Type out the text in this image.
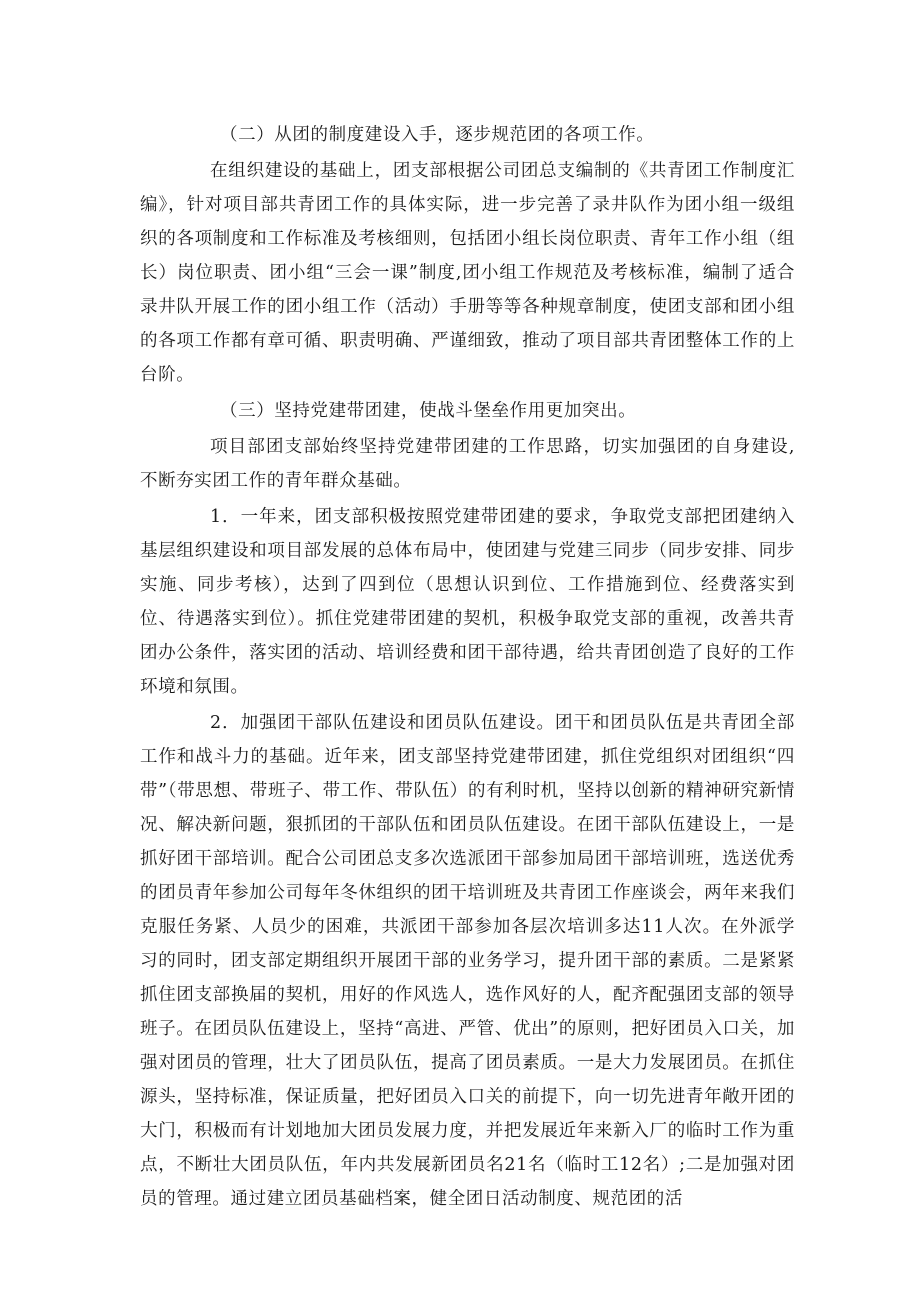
（二）从团的制度建设入手，逐步规范团的各项工作。

在组织建设的基础上，团支部根据公司团总支编制的《共青团工作制度汇编》，针对项目部共青团工作的具体实际，进一步完善了录井队作为团小组一级组织的各项制度和工作标准及考核细则，包括团小组长岗位职责、青年工作小组（组长）岗位职责、团小组“三会一课”制度,团小组工作规范及考核标准，编制了适合录井队开展工作的团小组工作（活动）手册等等各种规章制度，使团支部和团小组的各项工作都有章可循、职责明确、严谨细致，推动了项目部共青团整体工作的上台阶。

（三）坚持党建带团建，使战斗堡垒作用更加突出。

项目部团支部始终坚持党建带团建的工作思路，切实加强团的自身建设,不断夯实团工作的青年群众基础。

1．一年来，团支部积极按照党建带团建的要求，争取党支部把团建纳入基层组织建设和项目部发展的总体布局中，使团建与党建三同步（同步安排、同步实施、同步考核），达到了四到位（思想认识到位、工作措施到位、经费落实到位、待遇落实到位）。抓住党建带团建的契机，积极争取党支部的重视，改善共青团办公条件，落实团的活动、培训经费和团干部待遇，给共青团创造了良好的工作环境和氛围。

2．加强团干部队伍建设和团员队伍建设。团干和团员队伍是共青团全部工作和战斗力的基础。近年来，团支部坚持党建带团建，抓住党组织对团组织“四带”（带思想、带班子、带工作、带队伍）的有利时机，坚持以创新的精神研究新情况、解决新问题，狠抓团的干部队伍和团员队伍建设。在团干部队伍建设上，一是抓好团干部培训。配合公司团总支多次选派团干部参加局团干部培训班，选送优秀的团员青年参加公司每年冬休组织的团干培训班及共青团工作座谈会，两年来我们克服任务紧、人员少的困难，共派团干部参加各层次培训多达11人次。在外派学习的同时，团支部定期组织开展团干部的业务学习，提升团干部的素质。二是紧紧抓住团支部换届的契机，用好的作风选人，选作风好的人，配齐配强团支部的领导班子。在团员队伍建设上，坚持“高进、严管、优出”的原则，把好团员入口关，加强对团员的管理，壮大了团员队伍，提高了团员素质。一是大力发展团员。在抓住源头，坚持标准，保证质量，把好团员入口关的前提下，向一切先进青年敞开团的大门，积极而有计划地加大团员发展力度，并把发展近年来新入厂的临时工作为重点，不断壮大团员队伍，年内共发展新团员名21名（临时工12名）;二是加强对团员的管理。通过建立团员基础档案，健全团日活动制度、规范团的活
